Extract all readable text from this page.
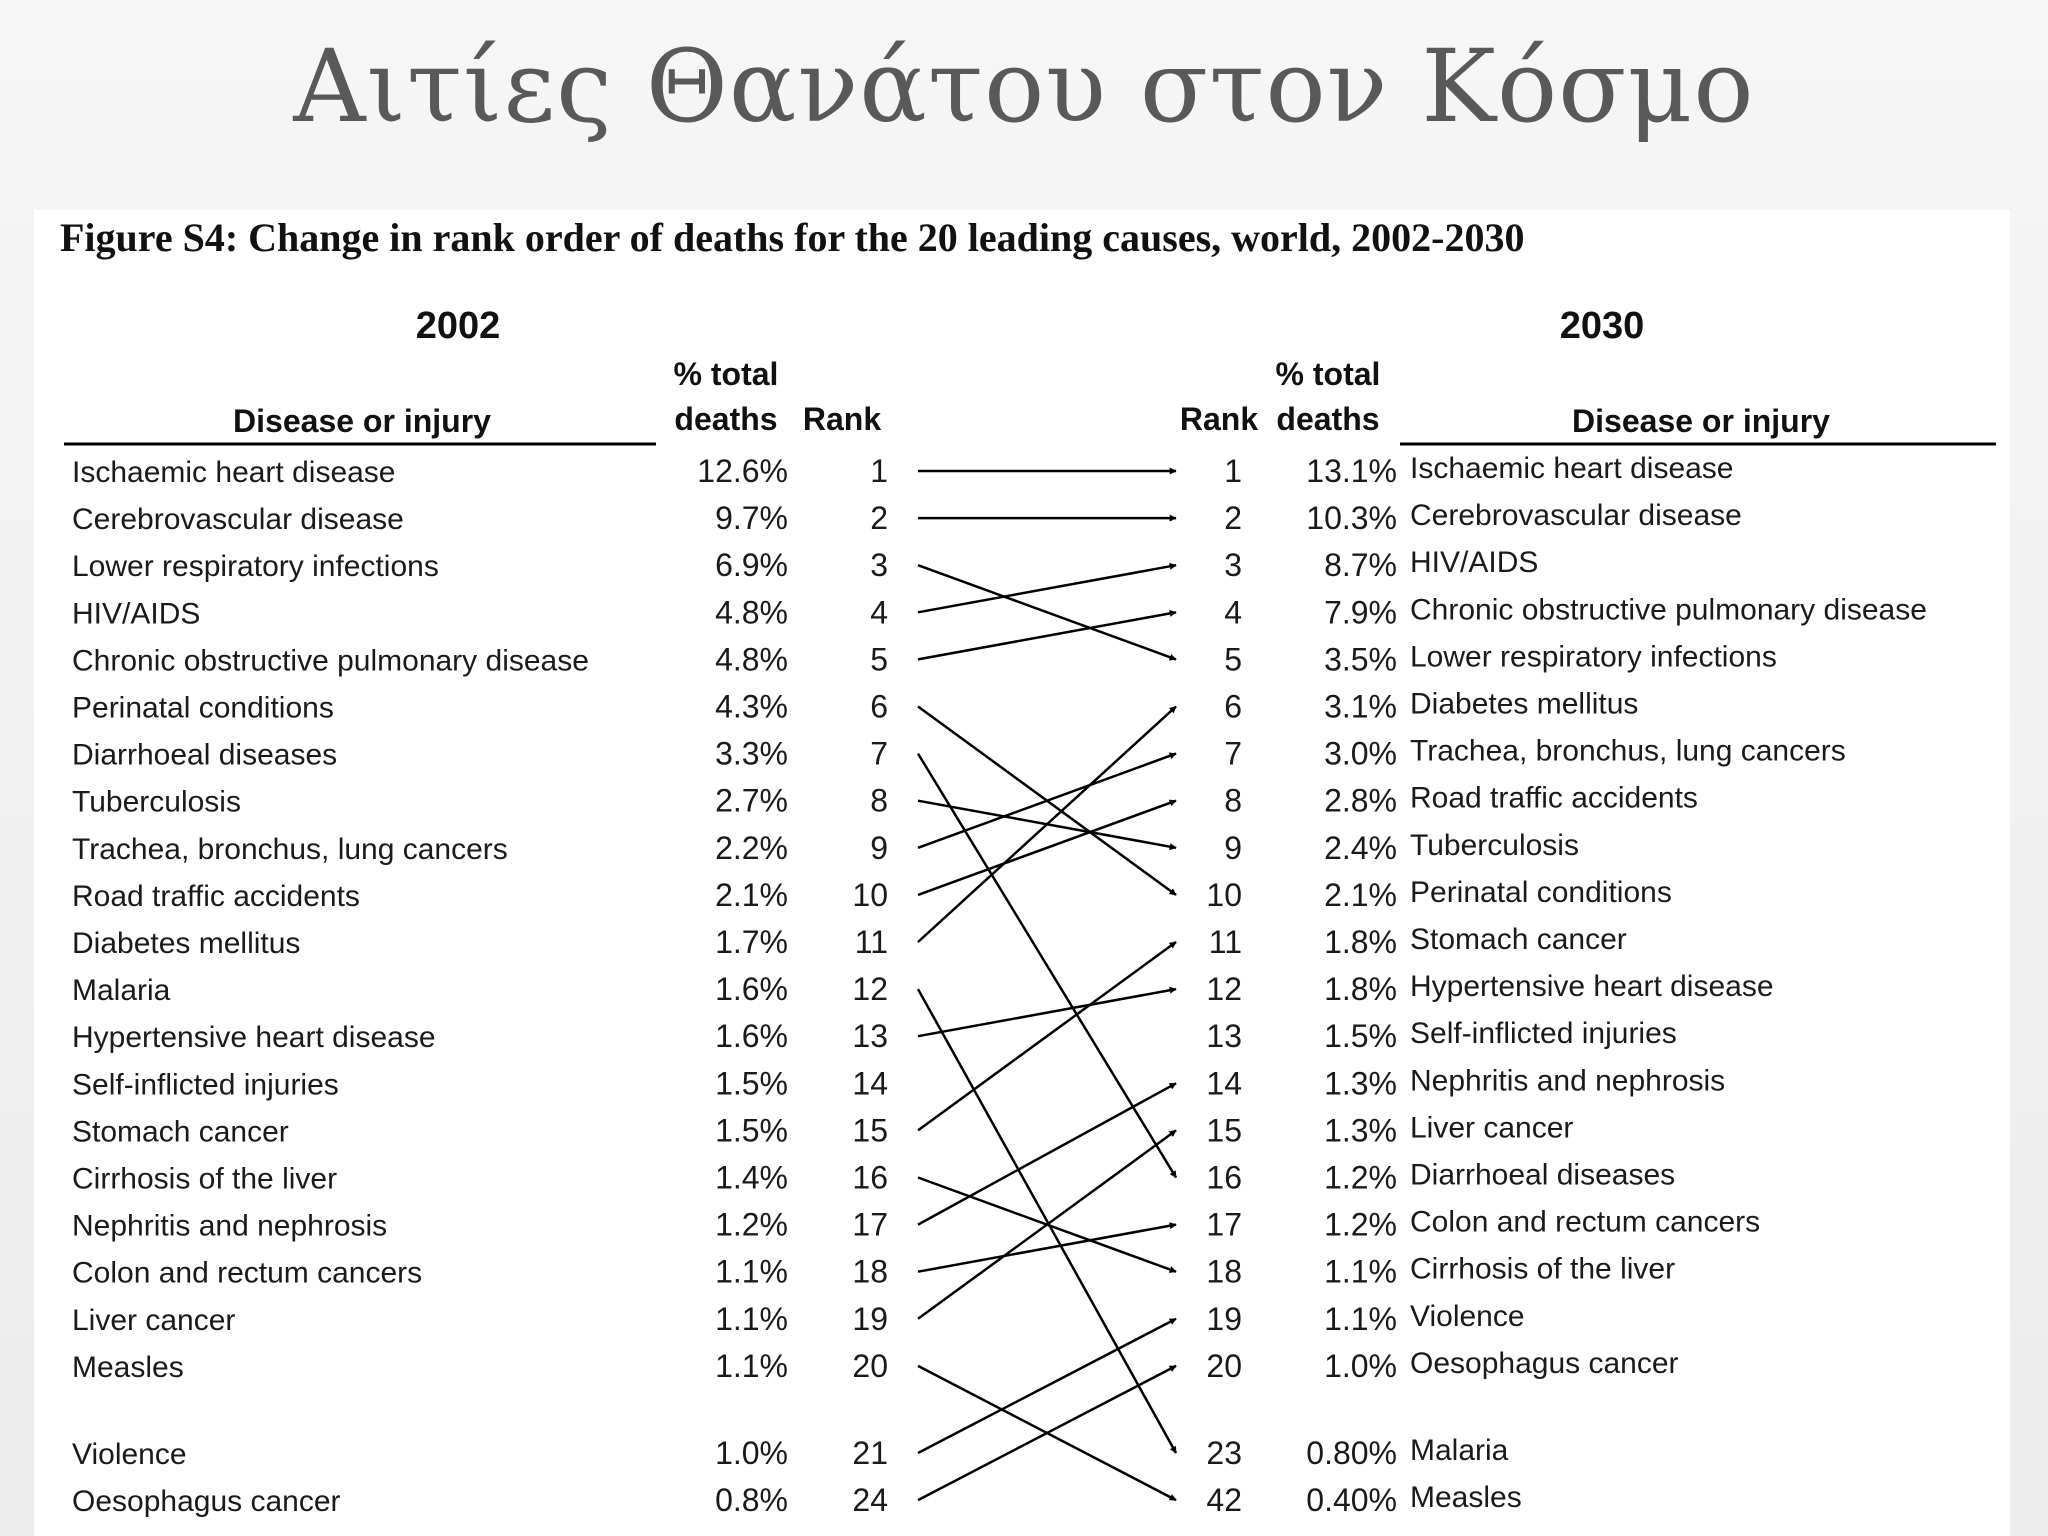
Αιτίες Θανάτου στον Κόσμο
Figure S4: Change in rank order of deaths for the 20 leading causes, world, 2002-2030
2002
Disease or injury
% total
deaths Rank
2030
Rank
% total
deaths	Disease or injury
Ischaemic heart disease	12.6%	1
Cerebrovascular disease	9.7%	2
Lower respiratory infections	6.9%	3
HIV/AIDS	4.8%	4
Chronic obstructive pulmonary disease	4.8%	5
Perinatal conditions	4.3%	6
Diarrhoeal diseases	3.3%	7
Tuberculosis	2.7%	8
Trachea, bronchus, lung cancers	2.2%	9
Road traffic accidents	2.1% 10
Diabetes mellitus	1.7% 11
Malaria	1.6% 12
Hypertensive heart disease	1.6% 13
Self-inflicted injuries	1.5% 14
Stomach cancer	1.5% 15
Cirrhosis of the liver	1.4% 16
Nephritis and nephrosis	1.2% 17
Colon and rectum cancers	1.1% 18
Liver cancer	1.1% 19
Measles	1.1% 20
Violence	1.0% 21
Oesophagus cancer	0.8% 24
1 13.1% Ischaemic heart disease
2 10.3% Cerebrovascular disease
3	8.7% HIV/AIDS
4	7.9% Chronic obstructive pulmonary disease
5	3.5% Lower respiratory infections
6	3.1% Diabetes mellitus
7	3.0% Trachea, bronchus, lung cancers
8	2.8% Road traffic accidents
9	2.4% Tuberculosis
10	2.1% Perinatal conditions
11	1.8% Stomach cancer
12	1.8% Hypertensive heart disease
13	1.5% Self-inflicted injuries
14	1.3% Nephritis and nephrosis
15	1.3% Liver cancer
16	1.2% Diarrhoeal diseases
17	1.2% Colon and rectum cancers
18	1.1% Cirrhosis of the liver
19	1.1% Violence
20	1.0% Oesophagus cancer
23 0.80% Malaria
42 0.40% Measles
